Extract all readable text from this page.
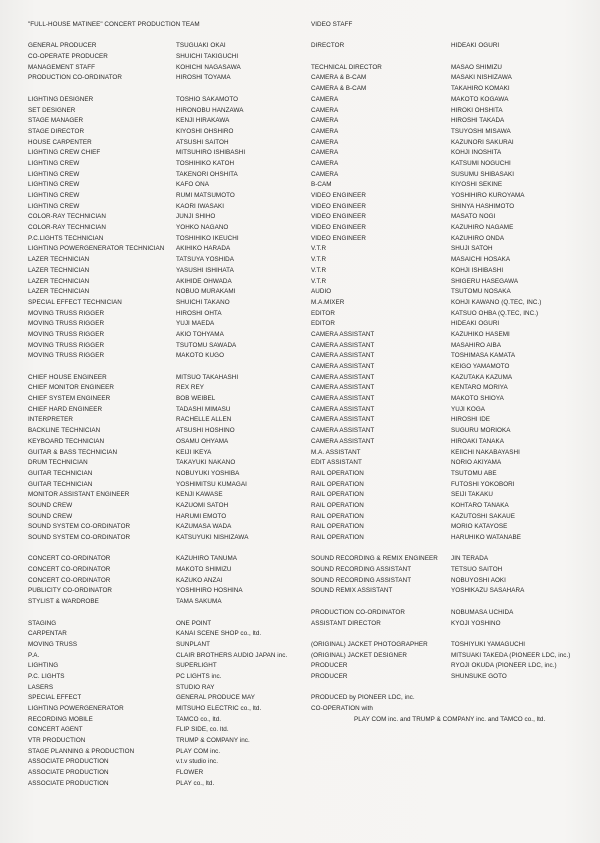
"FULL-HOUSE MATINEE" CONCERT PRODUCTION TEAM
GENERAL PRODUCER	TSUGUAKI OKAI
CO-OPERATE PRODUCER	SHUICHI TAKIGUCHI
MANAGEMENT STAFF	KOHICHI NAGASAWA
PRODUCTION CO-ORDINATOR	HIROSHI TOYAMA
LIGHTING DESIGNER	TOSHIO SAKAMOTO
SET DESIGNER	HIRONOBU HANZAWA
STAGE MANAGER	KENJI HIRAKAWA
STAGE DIRECTOR	KIYOSHI OHSHIRO
HOUSE CARPENTER	ATSUSHI SAITOH
LIGHTING CREW CHIEF	MITSUHIRO ISHIBASHI
LIGHTING CREW	TOSHIHIKO KATOH
LIGHTING CREW	TAKENORI OHSHITA
LIGHTING CREW	KAFO ONA
LIGHTING CREW	RUMI MATSUMOTO
LIGHTING CREW	KAORI IWASAKI
COLOR-RAY TECHNICIAN	JUNJI SHIHO
COLOR-RAY TECHNICIAN	YOHKO NAGANO
P.C.LIGHTS TECHNICIAN	TOSHIHIKO IKEUCHI
LIGHTING POWERGENERATOR TECHNICIAN	AKIHIKO HARADA
LAZER TECHNICIAN	TATSUYA YOSHIDA
LAZER TECHNICIAN	YASUSHI ISHIHATA
LAZER TECHNICIAN	AKIHIDE OHWADA
LAZER TECHNICIAN	NOBUO MURAKAMI
SPECIAL EFFECT TECHNICIAN	SHUICHI TAKANO
MOVING TRUSS RIGGER	HIROSHI OHTA
MOVING TRUSS RIGGER	YUJI MAEDA
MOVING TRUSS RIGGER	AKIO TOHYAMA
MOVING TRUSS RIGGER	TSUTOMU SAWADA
MOVING TRUSS RIGGER	MAKOTO KUGO
CHIEF HOUSE ENGINEER	MITSUO TAKAHASHI
CHIEF MONITOR ENGINEER	REX REY
CHIEF SYSTEM ENGINEER	BOB WEIBEL
CHIEF HARD ENGINEER	TADASHI MIMASU
INTERPRETER	RACHELLE ALLEN
BACKLINE TECHNICIAN	ATSUSHI HOSHINO
KEYBOARD TECHNICIAN	OSAMU OHYAMA
GUITAR & BASS TECHNICIAN	KEIJI IKEYA
DRUM TECHNICIAN	TAKAYUKI NAKANO
GUITAR TECHNICIAN	NOBUYUKI YOSHIBA
GUITAR TECHNICIAN	YOSHIMITSU KUMAGAI
MONITOR ASSISTANT ENGINEER	KENJI KAWASE
SOUND CREW	KAZUOMI SATOH
SOUND CREW	HARUMI EMOTO
SOUND SYSTEM CO-ORDINATOR	KAZUMASA WADA
SOUND SYSTEM CO-ORDINATOR	KATSUYUKI NISHIZAWA
CONCERT CO-ORDINATOR	KAZUHIRO TANUMA
CONCERT CO-ORDINATOR	MAKOTO SHIMIZU
CONCERT CO-ORDINATOR	KAZUKO ANZAI
PUBLICITY CO-ORDINATOR	YOSHIHIRO HOSHINA
STYLIST & WARDROBE	TAMA SAKUMA
STAGING	ONE POINT
CARPENTAR	KANAI SCENE SHOP co., ltd.
MOVING TRUSS	SUNPLANT
P.A.	CLAIR BROTHERS AUDIO JAPAN inc.
LIGHTING	SUPERLIGHT
P.C. LIGHTS	PC LIGHTS inc.
LASERS	STUDIO RAY
SPECIAL EFFECT	GENERAL PRODUCE MAY
LIGHTING POWERGENERATOR	MITSUHO ELECTRIC co., ltd.
RECORDING MOBILE	TAMCO co., ltd.
CONCERT AGENT	FLIP SIDE, co. ltd.
VTR PRODUCTION	TRUMP & COMPANY inc.
STAGE PLANNING & PRODUCTION	PLAY COM inc.
ASSOCIATE PRODUCTION	v.t.v studio inc.
ASSOCIATE PRODUCTION	FLOWER
ASSOCIATE PRODUCTION	PLAY co., ltd.
VIDEO STAFF
DIRECTOR	HIDEAKI OGURI
TECHNICAL DIRECTOR	MASAO SHIMIZU
CAMERA & B-CAM	MASAKI NISHIZAWA
CAMERA & B-CAM	TAKAHIRO KOMAKI
CAMERA	MAKOTO KOGAWA
CAMERA	HIROKI OHSHITA
CAMERA	HIROSHI TAKADA
CAMERA	TSUYOSHI MISAWA
CAMERA	KAZUNORI SAKURAI
CAMERA	KOHJI INOSHITA
CAMERA	KATSUMI NOGUCHI
CAMERA	SUSUMU SHIBASAKI
B-CAM	KIYOSHI SEKINE
VIDEO ENGINEER	YOSHIHIRO KUROYAMA
VIDEO ENGINEER	SHINYA HASHIMOTO
VIDEO ENGINEER	MASATO NOGI
VIDEO ENGINEER	KAZUHIRO NAGAME
VIDEO ENGINEER	KAZUHIRO ONDA
V.T.R	SHUJI SATOH
V.T.R	MASAICHI HOSAKA
V.T.R	KOHJI ISHIBASHI
V.T.R	SHIGERU HASEGAWA
AUDIO	TSUTOMU NOSAKA
M.A.MIXER	KOHJI KAWANO (Q.TEC, INC.)
EDITOR	KATSUO OHBA (Q.TEC, INC.)
EDITOR	HIDEAKI OGURI
CAMERA ASSISTANT	KAZUHIKO HASEMI
CAMERA ASSISTANT	MASAHIRO AIBA
CAMERA ASSISTANT	TOSHIMASA KAMATA
CAMERA ASSISTANT	KEIGO YAMAMOTO
CAMERA ASSISTANT	KAZUTAKA KAZUMA
CAMERA ASSISTANT	KENTARO MORIYA
CAMERA ASSISTANT	MAKOTO SHIOYA
CAMERA ASSISTANT	YUJI KOGA
CAMERA ASSISTANT	HIROSHI IDE
CAMERA ASSISTANT	SUGURU MORIOKA
CAMERA ASSISTANT	HIROAKI TANAKA
M.A. ASSISTANT	KEIICHI NAKABAYASHI
EDIT ASSISTANT	NORIO AKIYAMA
RAIL OPERATION	TSUTOMU ABE
RAIL OPERATION	FUTOSHI YOKOBORI
RAIL OPERATION	SEIJI TAKAKU
RAIL OPERATION	KOHTARO TANAKA
RAIL OPERATION	KAZUTOSHI SAKAUE
RAIL OPERATION	MORIO KATAYOSE
RAIL OPERATION	HARUHIKO WATANABE
SOUND RECORDING & REMIX ENGINEER	JIN TERADA
SOUND RECORDING ASSISTANT	TETSUO SAITOH
SOUND RECORDING ASSISTANT	NOBUYOSHI AOKI
SOUND REMIX ASSISTANT	YOSHIKAZU SASAHARA
PRODUCTION CO-ORDINATOR	NOBUMASA UCHIDA
ASSISTANT DIRECTOR	KYOJI YOSHINO
(ORIGINAL) JACKET PHOTOGRAPHER	TOSHIYUKI YAMAGUCHI
(ORIGINAL) JACKET DESIGNER	MITSUAKI TAKEDA (PIONEER LDC, inc.)
PRODUCER	RYOJI OKUDA (PIONEER LDC, inc.)
PRODUCER	SHUNSUKE GOTO
PRODUCED by PIONEER LDC, inc.
CO-OPERATION with
PLAY COM inc. and TRUMP & COMPANY inc. and TAMCO co., ltd.
